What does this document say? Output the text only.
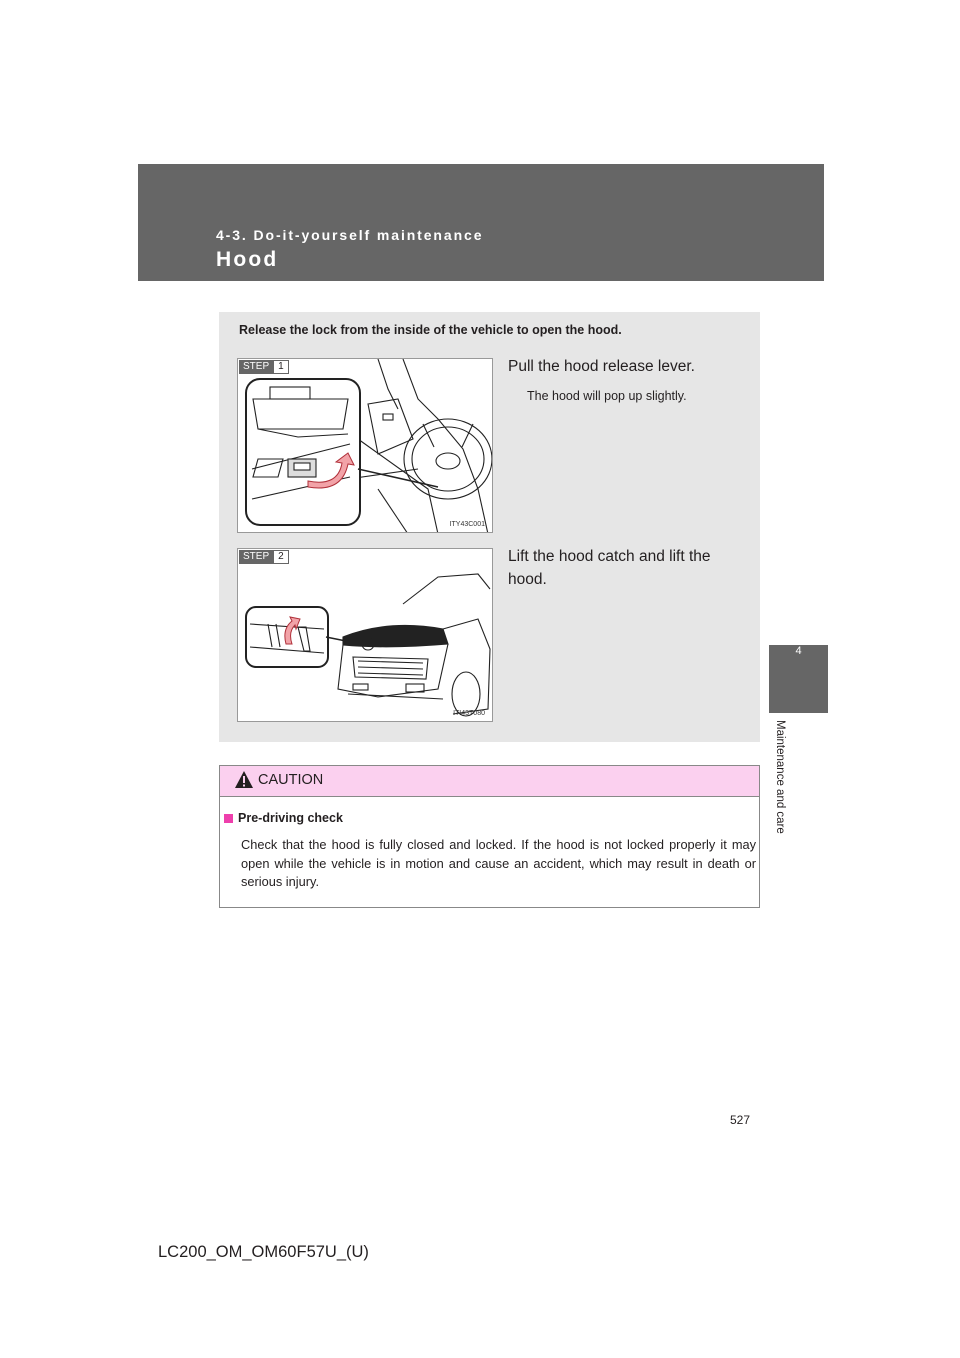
4-3. Do-it-yourself maintenance
Hood
4
Maintenance and care
Release the lock from the inside of the vehicle to open the hood.
STEP 1
ITY43C001
Pull the hood release lever.
The hood will pop up slightly.
STEP 2
ITI43T080
Lift the hood catch and lift the hood.
CAUTION
Pre-driving check
Check that the hood is fully closed and locked. If the hood is not locked properly it may open while the vehicle is in motion and cause an accident, which may result in death or serious injury.
527
LC200_OM_OM60F57U_(U)
